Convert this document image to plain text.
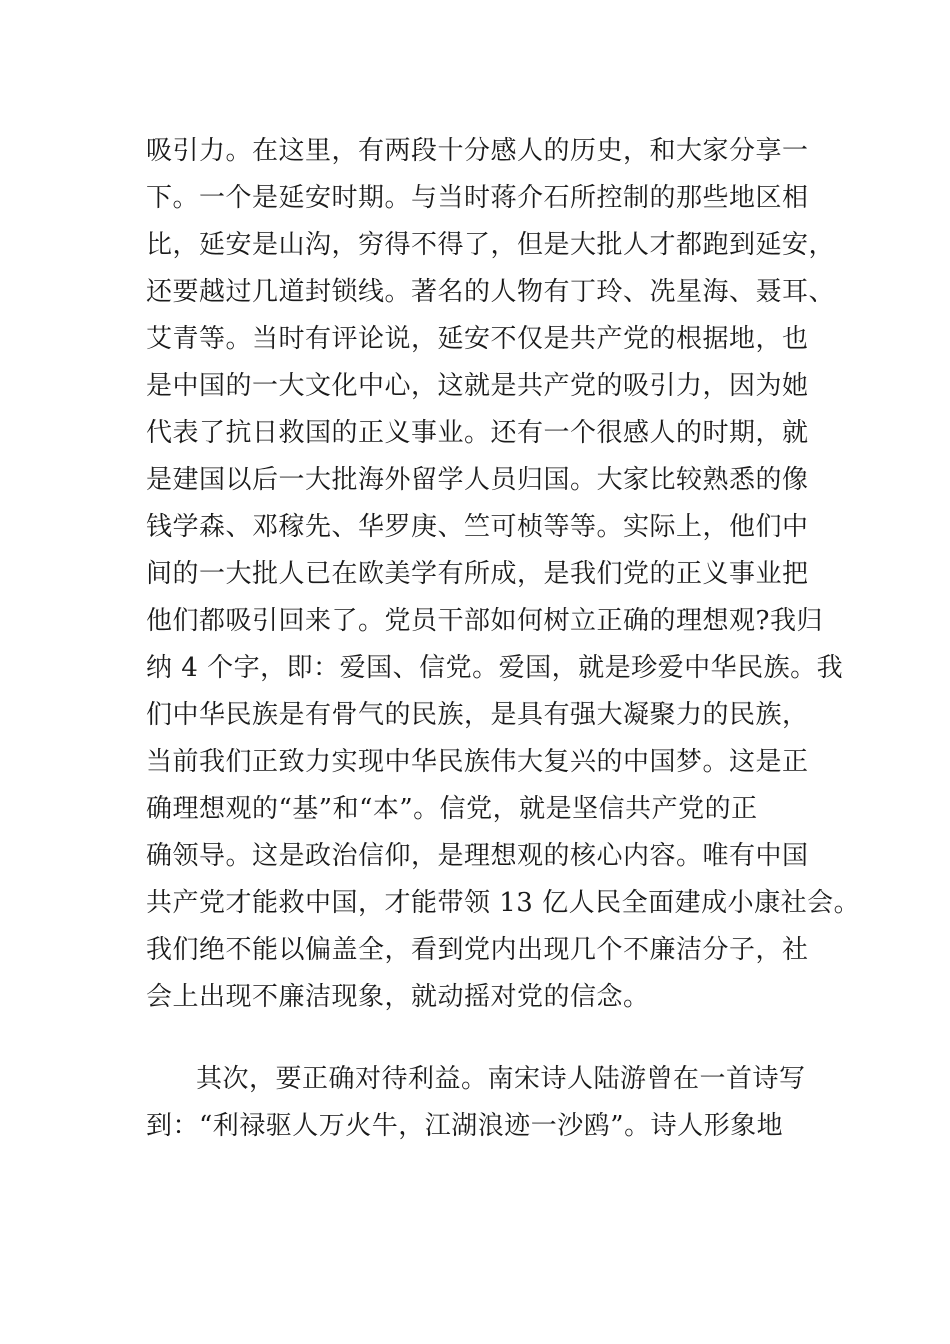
吸引力。在这里，有两段十分感人的历史，和大家分享一
下。一个是延安时期。与当时蒋介石所控制的那些地区相
比，延安是山沟，穷得不得了，但是大批人才都跑到延安，
还要越过几道封锁线。著名的人物有丁玲、冼星海、聂耳、
艾青等。当时有评论说，延安不仅是共产党的根据地，也
是中国的一大文化中心，这就是共产党的吸引力，因为她
代表了抗日救国的正义事业。还有一个很感人的时期，就
是建国以后一大批海外留学人员归国。大家比较熟悉的像
钱学森、邓稼先、华罗庚、竺可桢等等。实际上，他们中
间的一大批人已在欧美学有所成，是我们党的正义事业把
他们都吸引回来了。党员干部如何树立正确的理想观?我归
纳 4 个字，即：爱国、信党。爱国，就是珍爱中华民族。我
们中华民族是有骨气的民族，是具有强大凝聚力的民族，
当前我们正致力实现中华民族伟大复兴的中国梦。这是正
确理想观的“基”和“本”。信党，就是坚信共产党的正
确领导。这是政治信仰，是理想观的核心内容。唯有中国
共产党才能救中国，才能带领 13 亿人民全面建成小康社会。
我们绝不能以偏盖全，看到党内出现几个不廉洁分子，社
会上出现不廉洁现象，就动摇对党的信念。
其次，要正确对待利益。南宋诗人陆游曾在一首诗写
到：“利禄驱人万火牛，江湖浪迹一沙鸥”。诗人形象地
